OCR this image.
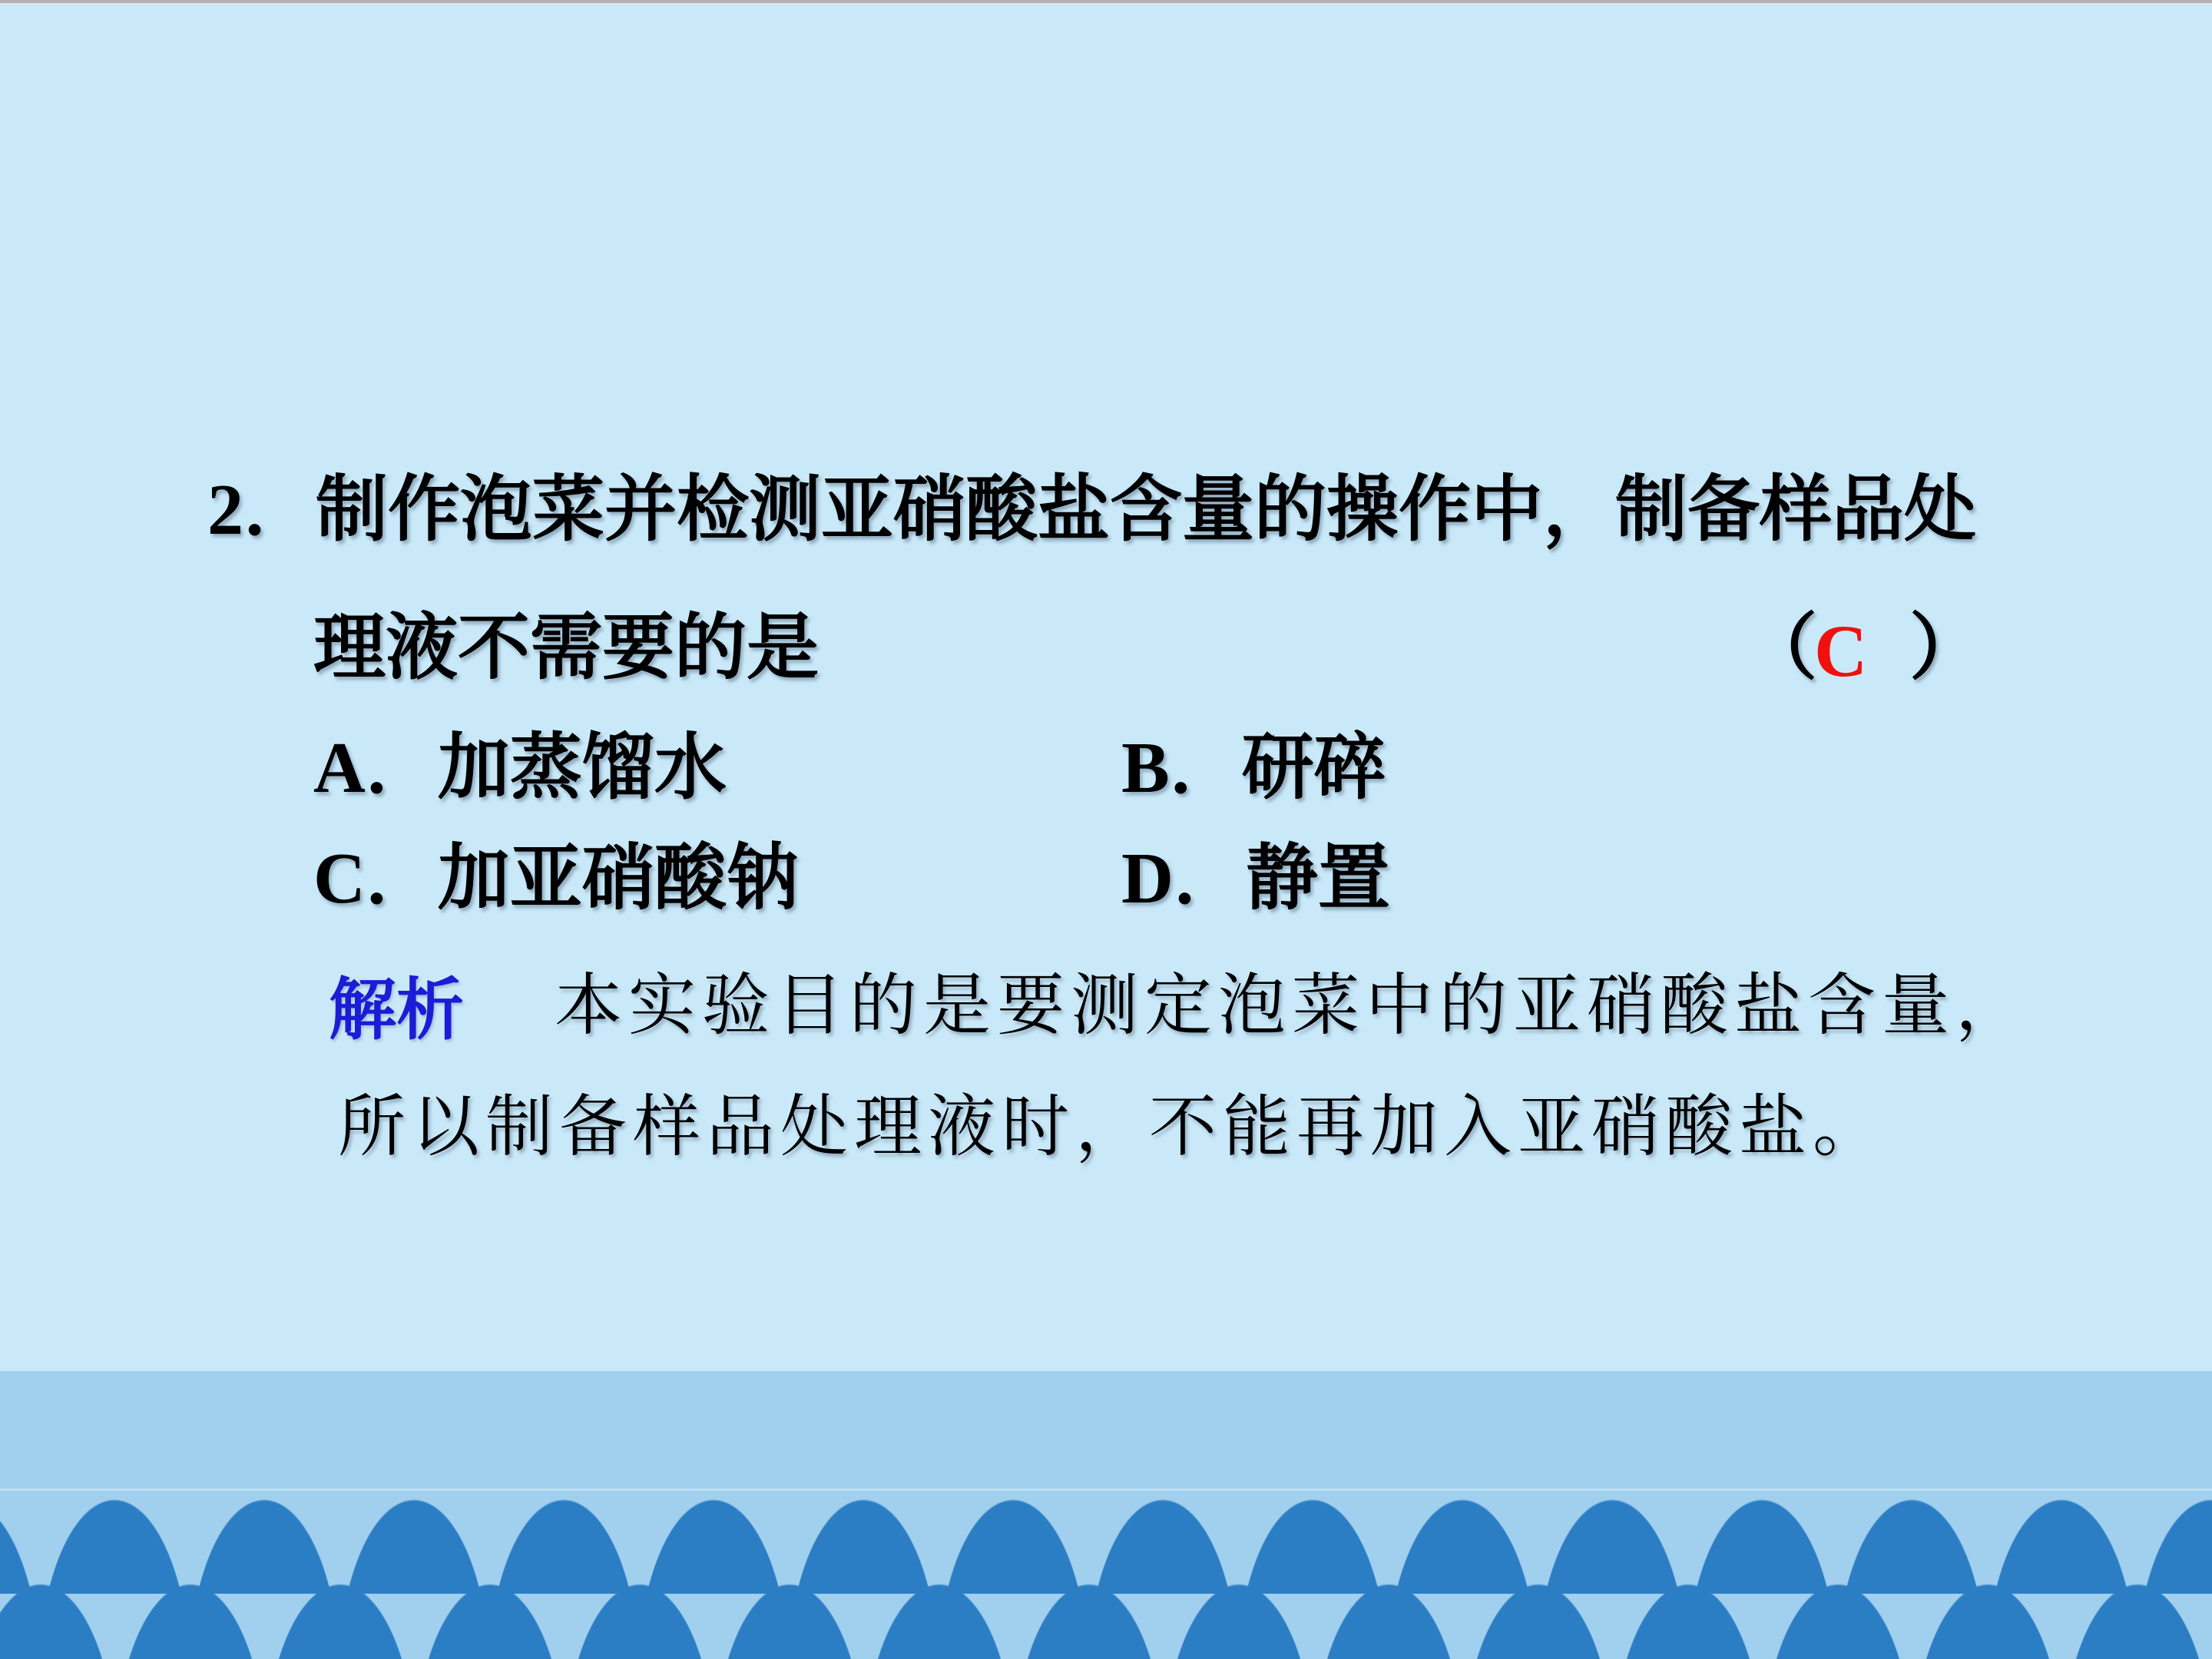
2．制作泡菜并检测亚硝酸盐含量的操作中，制备样品处
理液不需要的是	（
C ）
A．加蒸馏水	B．研碎
C．加亚硝酸钠	D．静置
解析 本实验目的是要测定泡菜中的亚硝酸盐含量，
所以制备样品处理液时，不能再加入亚硝酸盐。
